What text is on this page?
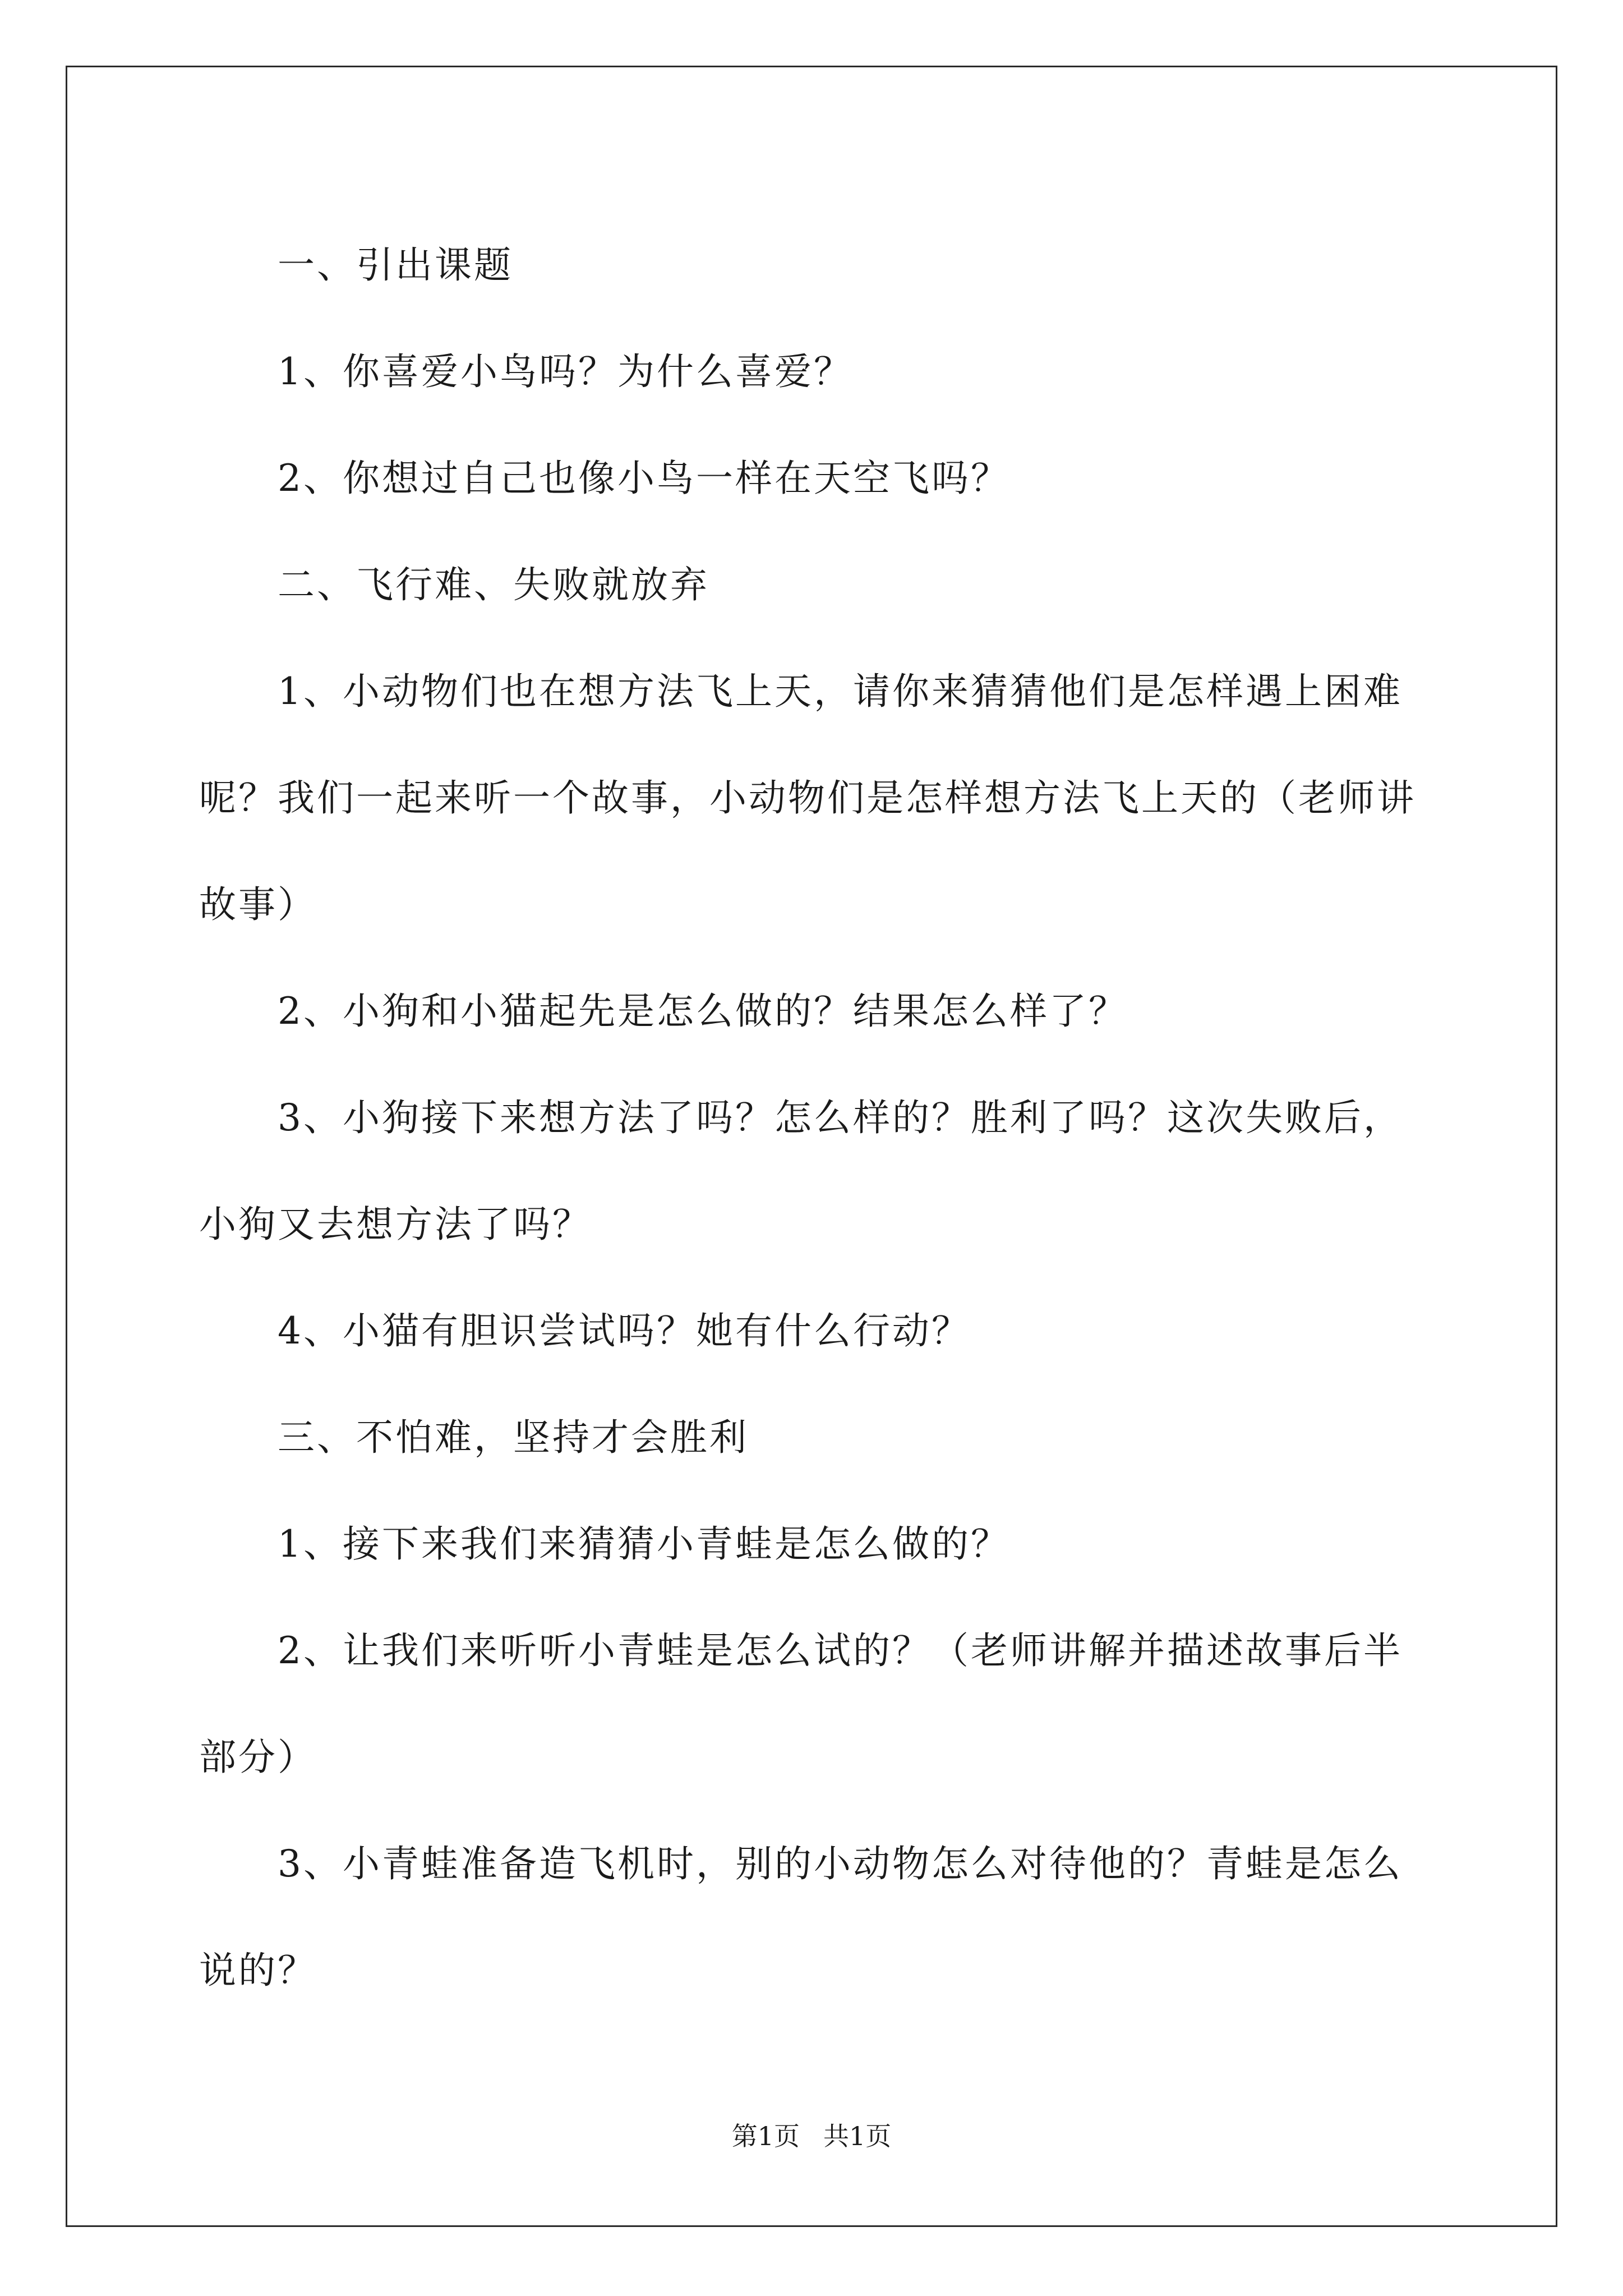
一、引出课题

1、你喜爱小鸟吗？为什么喜爱？

2、你想过自己也像小鸟一样在天空飞吗？

二、飞行难、失败就放弃

1、小动物们也在想方法飞上天，请你来猜猜他们是怎样遇上困难呢？我们一起来听一个故事，小动物们是怎样想方法飞上天的（老师讲故事）

2、小狗和小猫起先是怎么做的？结果怎么样了？

3、小狗接下来想方法了吗？怎么样的？胜利了吗？这次失败后，小狗又去想方法了吗？

4、小猫有胆识尝试吗？她有什么行动？

三、不怕难，坚持才会胜利

1、接下来我们来猜猜小青蛙是怎么做的？

2、让我们来听听小青蛙是怎么试的？（老师讲解并描述故事后半部分）

3、小青蛙准备造飞机时，别的小动物怎么对待他的？青蛙是怎么说的？

第1页 共1页
